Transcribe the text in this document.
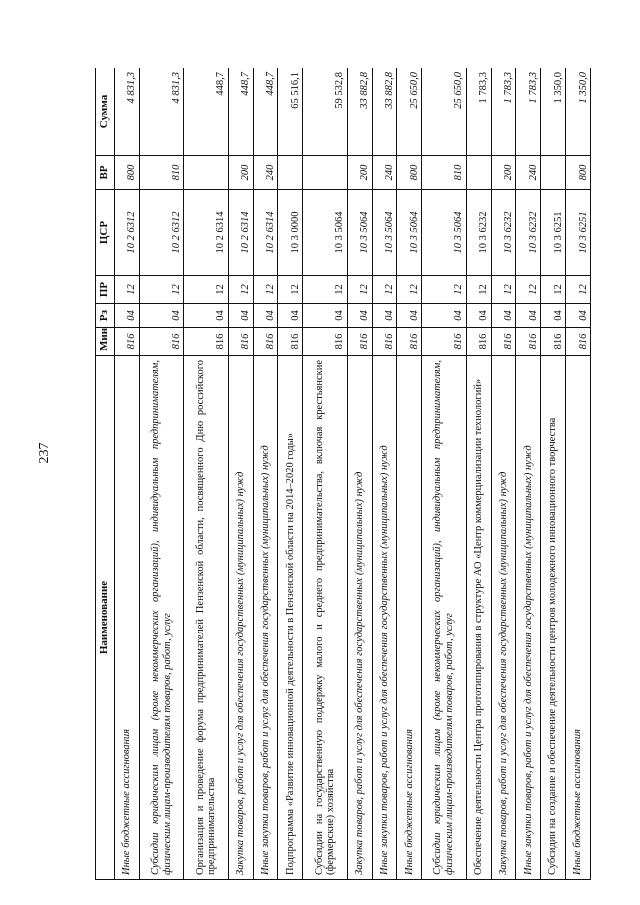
237
Наименование	Мин	Рз	ПР	ЦСР	ВР	Сумма
Иные бюджетные ассигнования	816	04	12	10 2 6312	800	4 831,3
Субсидии юридическим лицам (кроме некоммерческих организаций), индивидуальным предпринимателям, физическим лицам-производителям товаров, работ, услуг	816	04	12	10 2 6312	810	4 831,3
Организация и проведение форума предпринимателей Пензенской области, посвященного Дню российского предпринимательства	816	04	12	10 2 6314		448,7
Закупка товаров, работ и услуг для обеспечения государственных (муниципальных) нужд	816	04	12	10 2 6314	200	448,7
Иные закупки товаров, работ и услуг для обеспечения государственных (муниципальных) нужд	816	04	12	10 2 6314	240	448,7
Подпрограмма «Развитие инновационной деятельности в Пензенской области на 2014–2020 годы»	816	04	12	10 3 0000		65 516,1
Субсидии на государственную поддержку малого и среднего предпринимательства, включая крестьянские (фермерские) хозяйства	816	04	12	10 3 5064		59 532,8
Закупка товаров, работ и услуг для обеспечения государственных (муниципальных) нужд	816	04	12	10 3 5064	200	33 882,8
Иные закупки товаров, работ и услуг для обеспечения государственных (муниципальных) нужд	816	04	12	10 3 5064	240	33 882,8
Иные бюджетные ассигнования	816	04	12	10 3 5064	800	25 650,0
Субсидии юридическим лицам (кроме некоммерческих организаций), индивидуальным предпринимателям, физическим лицам-производителям товаров, работ, услуг	816	04	12	10 3 5064	810	25 650,0
Обеспечение деятельности Центра прототипирования в структуре АО «Центр коммерциализации технологий»	816	04	12	10 3 6232		1 783,3
Закупка товаров, работ и услуг для обеспечения государственных (муниципальных) нужд	816	04	12	10 3 6232	200	1 783,3
Иные закупки товаров, работ и услуг для обеспечения государственных (муниципальных) нужд	816	04	12	10 3 6232	240	1 783,3
Субсидии на создание и обеспечение деятельности центров молодежного инновационного творчества	816	04	12	10 3 6251		1 350,0
Иные бюджетные ассигнования	816	04	12	10 3 6251	800	1 350,0
